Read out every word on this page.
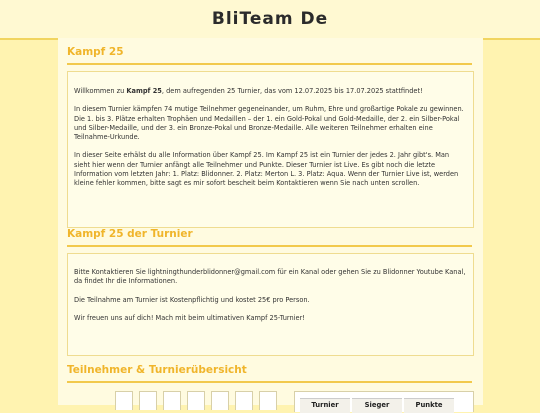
BliTeam De
Kampf 25

Willkommen zu Kampf 25, dem aufregenden 25 Turnier, das vom 12.07.2025 bis 17.07.2025 stattfindet!

In diesem Turnier kämpfen 74 mutige Teilnehmer gegeneinander, um Ruhm, Ehre und großartige Pokale zu gewinnen. Die 1. bis 3. Plätze erhalten Trophäen und Medaillen – der 1. ein Gold-Pokal und Gold-Medaille, der 2. ein Silber-Pokal und Silber-Medaille, und der 3. ein Bronze-Pokal und Bronze-Medaille. Alle weiteren Teilnehmer erhalten eine Teilnahme-Urkunde.

In dieser Seite erhälst du alle Information über Kampf 25. Im Kampf 25 ist ein Turnier der jedes 2. Jahr gibt's. Man sieht hier wenn der Turnier anfängt alle Teilnehmer und Punkte. Dieser Turnier ist Live. Es gibt noch die letzte Information vom letzten Jahr: 1. Platz: Blidonner. 2. Platz: Merton L. 3. Platz: Aqua. Wenn der Turnier Live ist, werden kleine fehler kommen, bitte sagt es mir sofort bescheit beim Kontaktieren wenn Sie nach unten scrollen.

Kampf 25 der Turnier

Bitte Kontaktieren Sie lightningthunderblidonner@gmail.com für ein Kanal oder gehen Sie zu Blidonner Youtube Kanal, da findet Ihr die Informationen.

Die Teilnahme am Turnier ist Kostenpflichtig und kostet 25€ pro Person.

Wir freuen uns auf dich! Mach mit beim ultimativen Kampf 25-Turnier!

Teilnehmer & Turnierübersicht
Turnier	Sieger	Punkte
